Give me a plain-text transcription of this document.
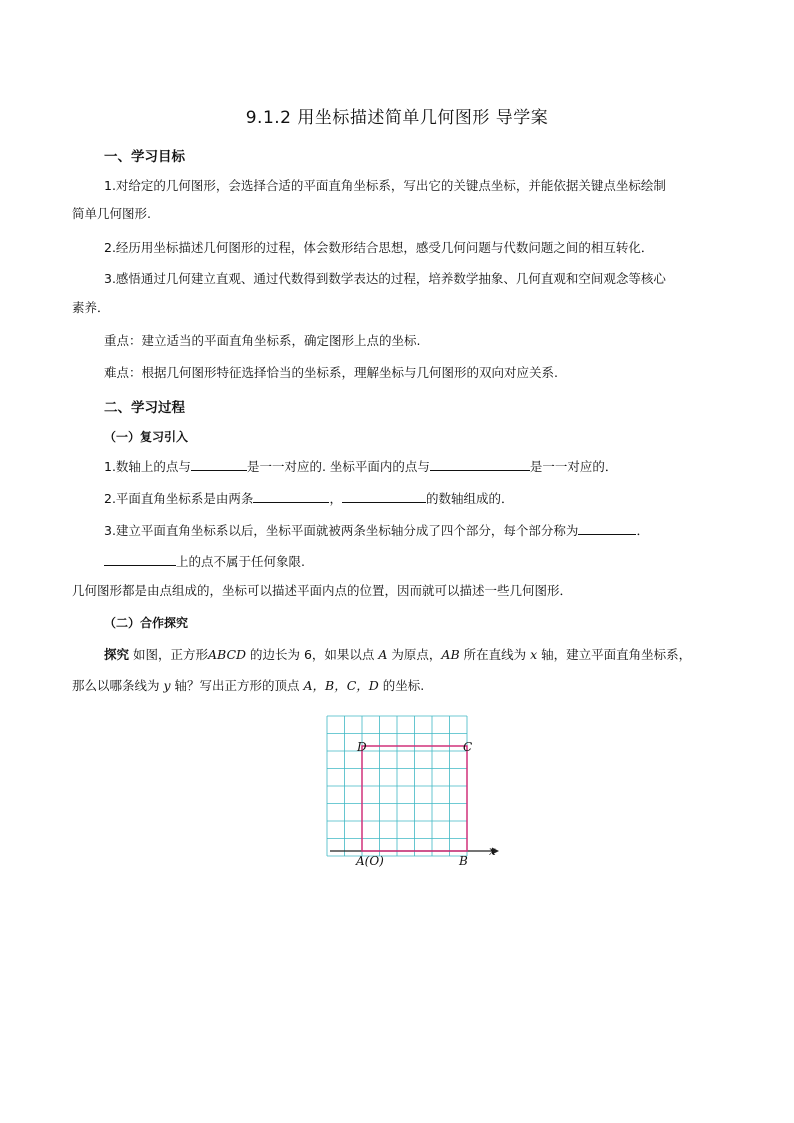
9.1.2 用坐标描述简单几何图形 导学案
一、学习目标
1.对给定的几何图形，会选择合适的平面直角坐标系，写出它的关键点坐标，并能依据关键点坐标绘制
简单几何图形.
2.经历用坐标描述几何图形的过程，体会数形结合思想，感受几何问题与代数问题之间的相互转化．
3.感悟通过几何建立直观、通过代数得到数学表达的过程，培养数学抽象、几何直观和空间观念等核心
素养．
重点：建立适当的平面直角坐标系，确定图形上点的坐标.
难点：根据几何图形特征选择恰当的坐标系，理解坐标与几何图形的双向对应关系.
二、学习过程
（一）复习引入
1.数轴上的点与	是一一对应的. 坐标平面内的点与	是一一对应的．
2.平面直角坐标系是由两条	，	的数轴组成的．
3.建立平面直角坐标系以后，坐标平面就被两条坐标轴分成了四个部分，每个部分称为	．
上的点不属于任何象限.
几何图形都是由点组成的，坐标可以描述平面内点的位置，因而就可以描述一些几何图形．
（二）合作探究
探究 如图，正方形ABCD 的边长为 6，如果以点 A 为原点，AB 所在直线为 x 轴，建立平面直角坐标系，
那么以哪条线为 y 轴？写出正方形的顶点 A，B，C，D 的坐标.
D	C
A(O)	B
x
